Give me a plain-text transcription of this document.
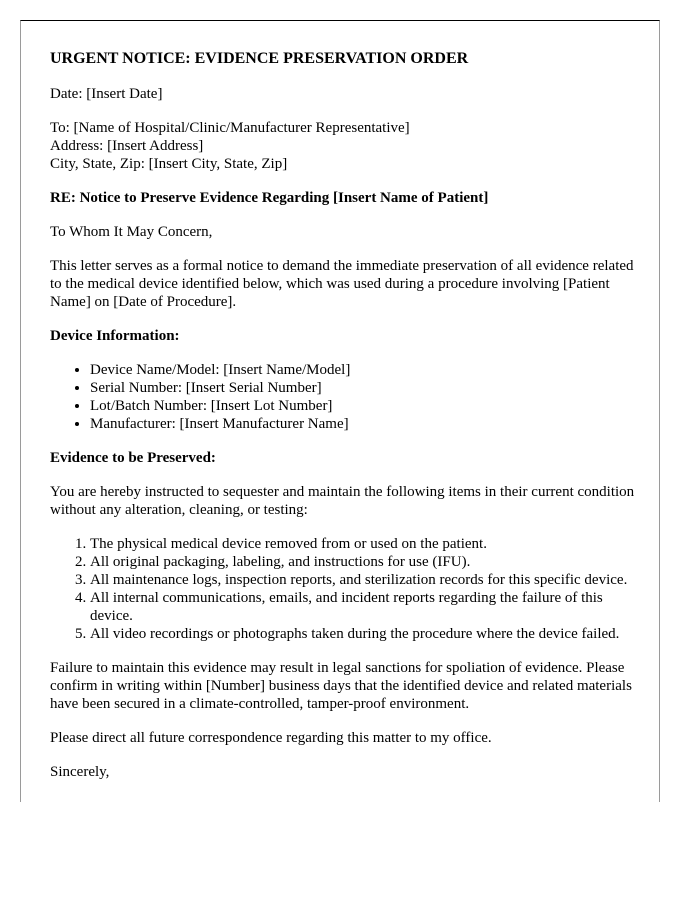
URGENT NOTICE: EVIDENCE PRESERVATION ORDER

Date: [Insert Date]

To: [Name of Hospital/Clinic/Manufacturer Representative]

Address: [Insert Address]

City, State, Zip: [Insert City, State, Zip]

RE: Notice to Preserve Evidence Regarding [Insert Name of Patient]

To Whom It May Concern,

This letter serves as a formal notice to demand the immediate preservation of all evidence related to the medical device identified below, which was used during a procedure involving [Patient Name] on [Date of Procedure].

Device Information:

• Device Name/Model: [Insert Name/Model]
• Serial Number: [Insert Serial Number]
• Lot/Batch Number: [Insert Lot Number]
• Manufacturer: [Insert Manufacturer Name]

Evidence to be Preserved:

You are hereby instructed to sequester and maintain the following items in their current condition without any alteration, cleaning, or testing:

1. The physical medical device removed from or used on the patient.
2. All original packaging, labeling, and instructions for use (IFU).
3. All maintenance logs, inspection reports, and sterilization records for this specific device.
4. All internal communications, emails, and incident reports regarding the failure of this device.
5. All video recordings or photographs taken during the procedure where the device failed.

Failure to maintain this evidence may result in legal sanctions for spoliation of evidence. Please confirm in writing within [Number] business days that the identified device and related materials have been secured in a climate-controlled, tamper-proof environment.

Please direct all future correspondence regarding this matter to my office.

Sincerely,
